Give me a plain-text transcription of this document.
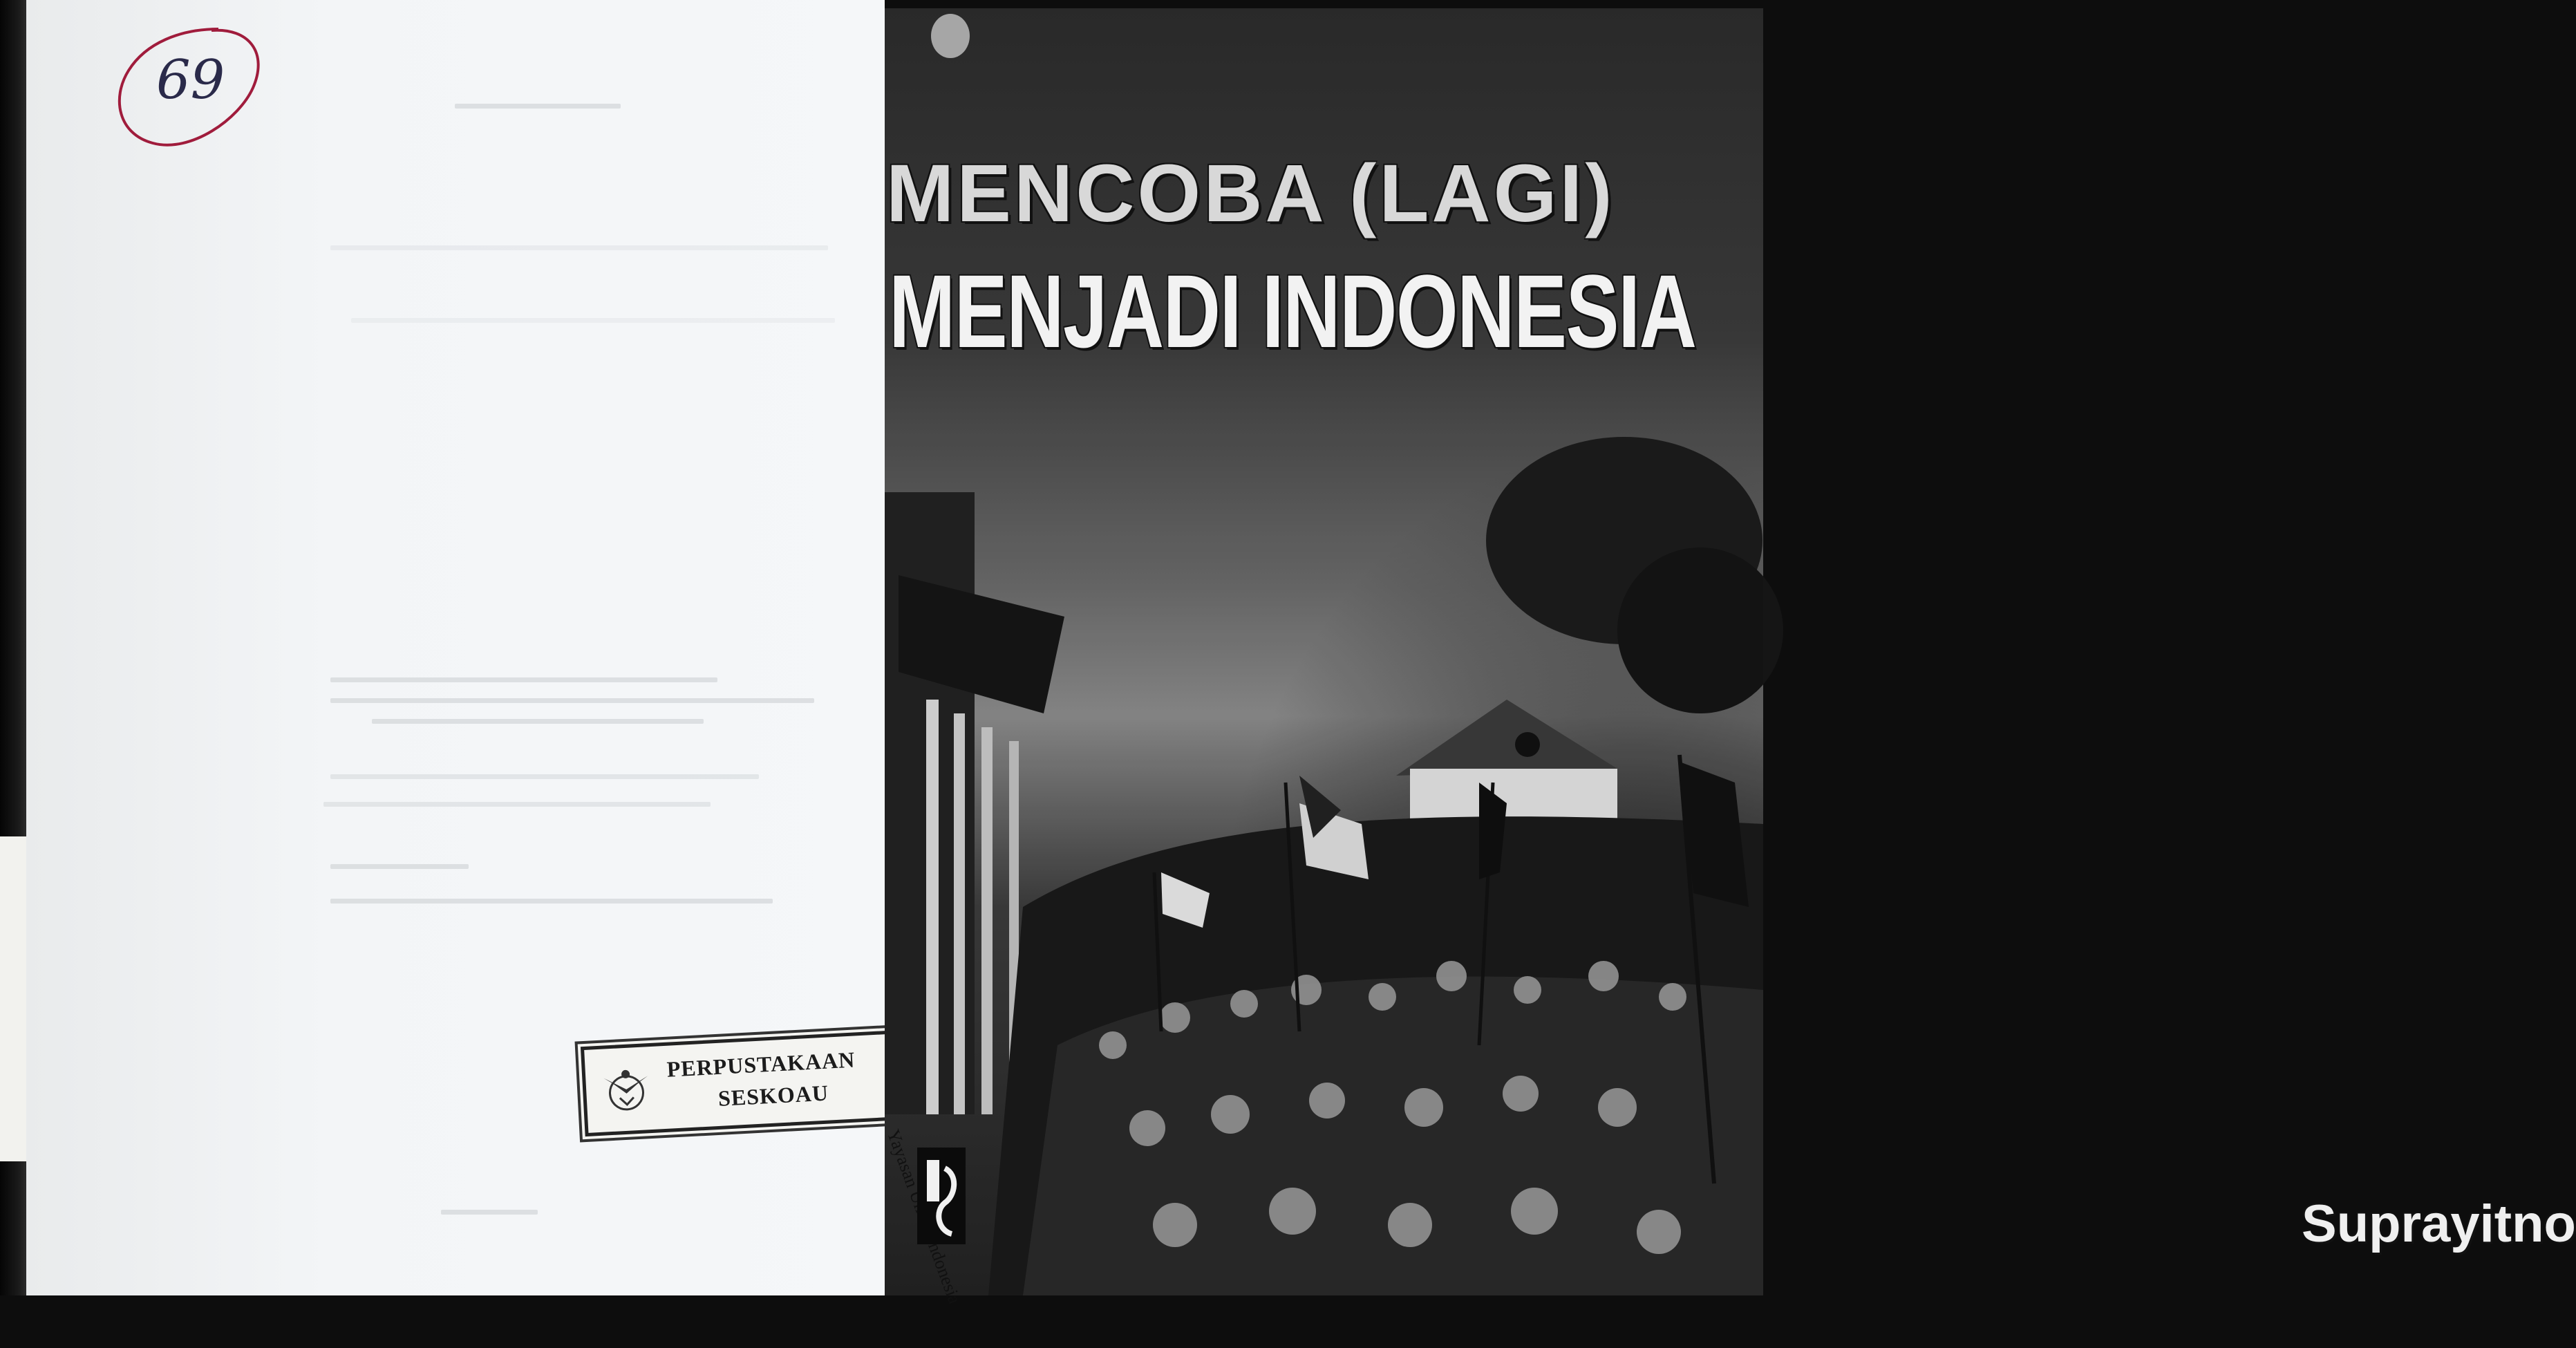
69
PERPUSTAKAAN
SESKOAU
MENCOBA (LAGI)
MENJADI INDONESIA
Suprayitno
Yayasan Indonesia
